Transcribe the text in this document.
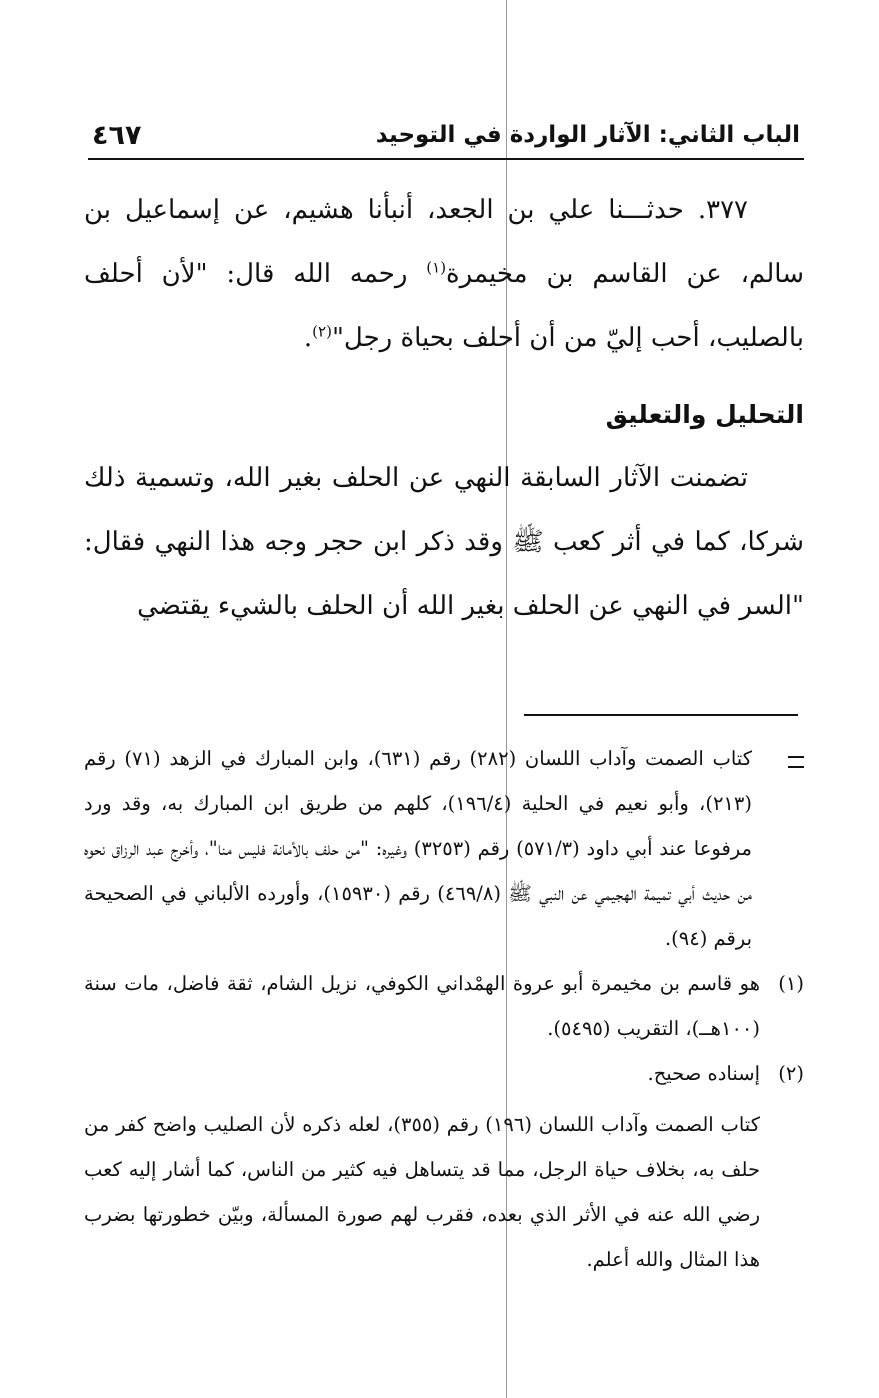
٤٦٧	الباب الثاني: الآثار الواردة في التوحيد

٣٧٧. حدثـــنا علي بن الجعد، أنبأنا هشيم، عن إسماعيل بن سالم، عن القاسم بن مخيمرة$^{(١)}$ رحمه الله قال: "لأن أحلف بالصليب، أحب إليّ من أن أحلف بحياة رجل"$^{(٢)}$.

التحليل والتعليق

تضمنت الآثار السابقة النهي عن الحلف بغير الله، وتسمية ذلك شركا، كما في أثر كعب ﷺ وقد ذكر ابن حجر وجه هذا النهي فقال: "السر في النهي عن الحلف بغير الله أن الحلف بالشيء يقتضي

كتاب الصمت وآداب اللسان (٢٨٢) رقم (٦٣١)، وابن المبارك في الزهد (٧١) رقم (٢١٣)، وأبو نعيم في الحلية (١٩٦/٤)، كلهم من طريق ابن المبارك به، وقد ورد مرفوعا عند أبي داود (٥٧١/٣) رقم (٣٢٥٣) وغيره: "من حلف بالأمانة فليس منا"، وأخرج عبد الرزاق نحوه من حديث أبي تميمة الهجيمي عن النبي ﷺ (٤٦٩/٨) رقم (١٥٩٣٠)، وأورده الألباني في الصحيحة برقم (٩٤).
(١)
هو قاسم بن مخيمرة أبو عروة الهمْداني الكوفي، نزيل الشام، ثقة فاضل، مات سنة (١٠٠هــ)، التقريب (٥٤٩٥).
(٢)
إسناده صحيح.
كتاب الصمت وآداب اللسان (١٩٦) رقم (٣٥٥)، لعله ذكره لأن الصليب واضح كفر من حلف به، بخلاف حياة الرجل، مما قد يتساهل فيه كثير من الناس، كما أشار إليه كعب رضي الله عنه في الأثر الذي بعده، فقرب لهم صورة المسألة، وبيّن خطورتها بضرب هذا المثال والله أعلم.
